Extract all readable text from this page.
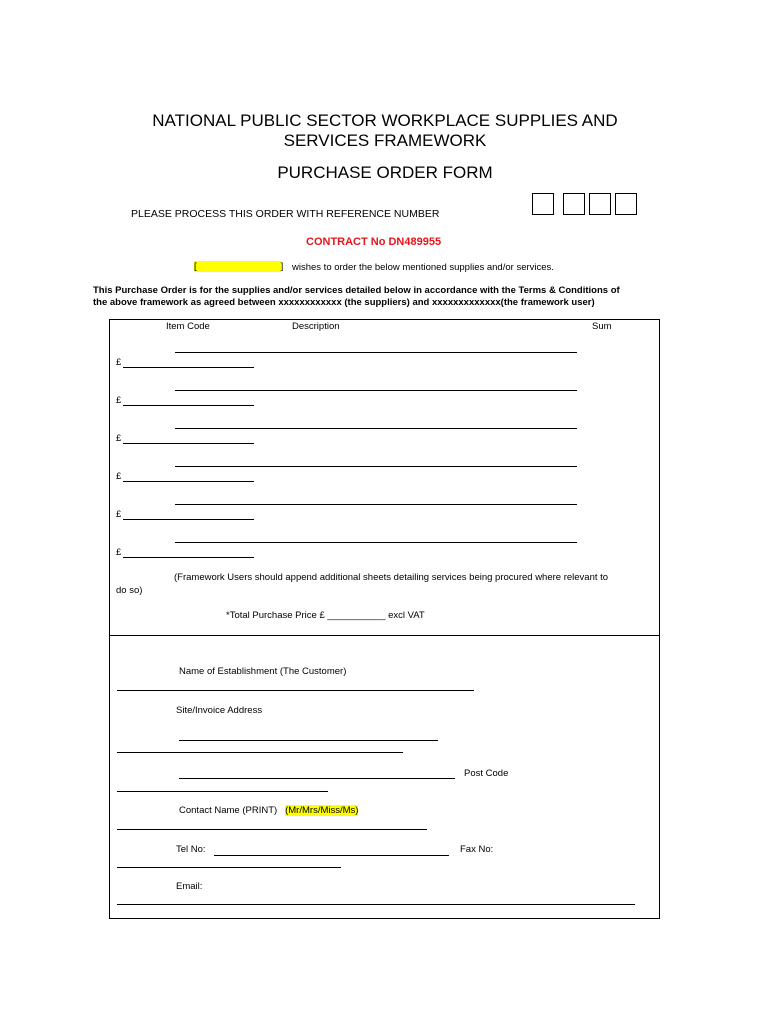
NATIONAL PUBLIC SECTOR WORKPLACE SUPPLIES AND
SERVICES FRAMEWORK
PURCHASE ORDER FORM
PLEASE PROCESS THIS ORDER WITH REFERENCE NUMBER
CONTRACT No DN489955
[	] wishes to order the below mentioned supplies and/or services.
This Purchase Order is for the supplies and/or services detailed below in accordance with the Terms & Conditions of
the above framework as agreed between xxxxxxxxxxxx (the suppliers) and xxxxxxxxxxxxx(the framework user)
Item Code	Description	Sum
£
£
£
£
£
£
(Framework Users should append additional sheets detailing services being procured where relevant to
do so)
*Total Purchase Price £ ___________ excl VAT
Name of Establishment (The Customer)
Site/Invoice Address
Post Code
Contact Name (PRINT) (Mr/Mrs/Miss/Ms)
Tel No:	Fax No:
Email:
